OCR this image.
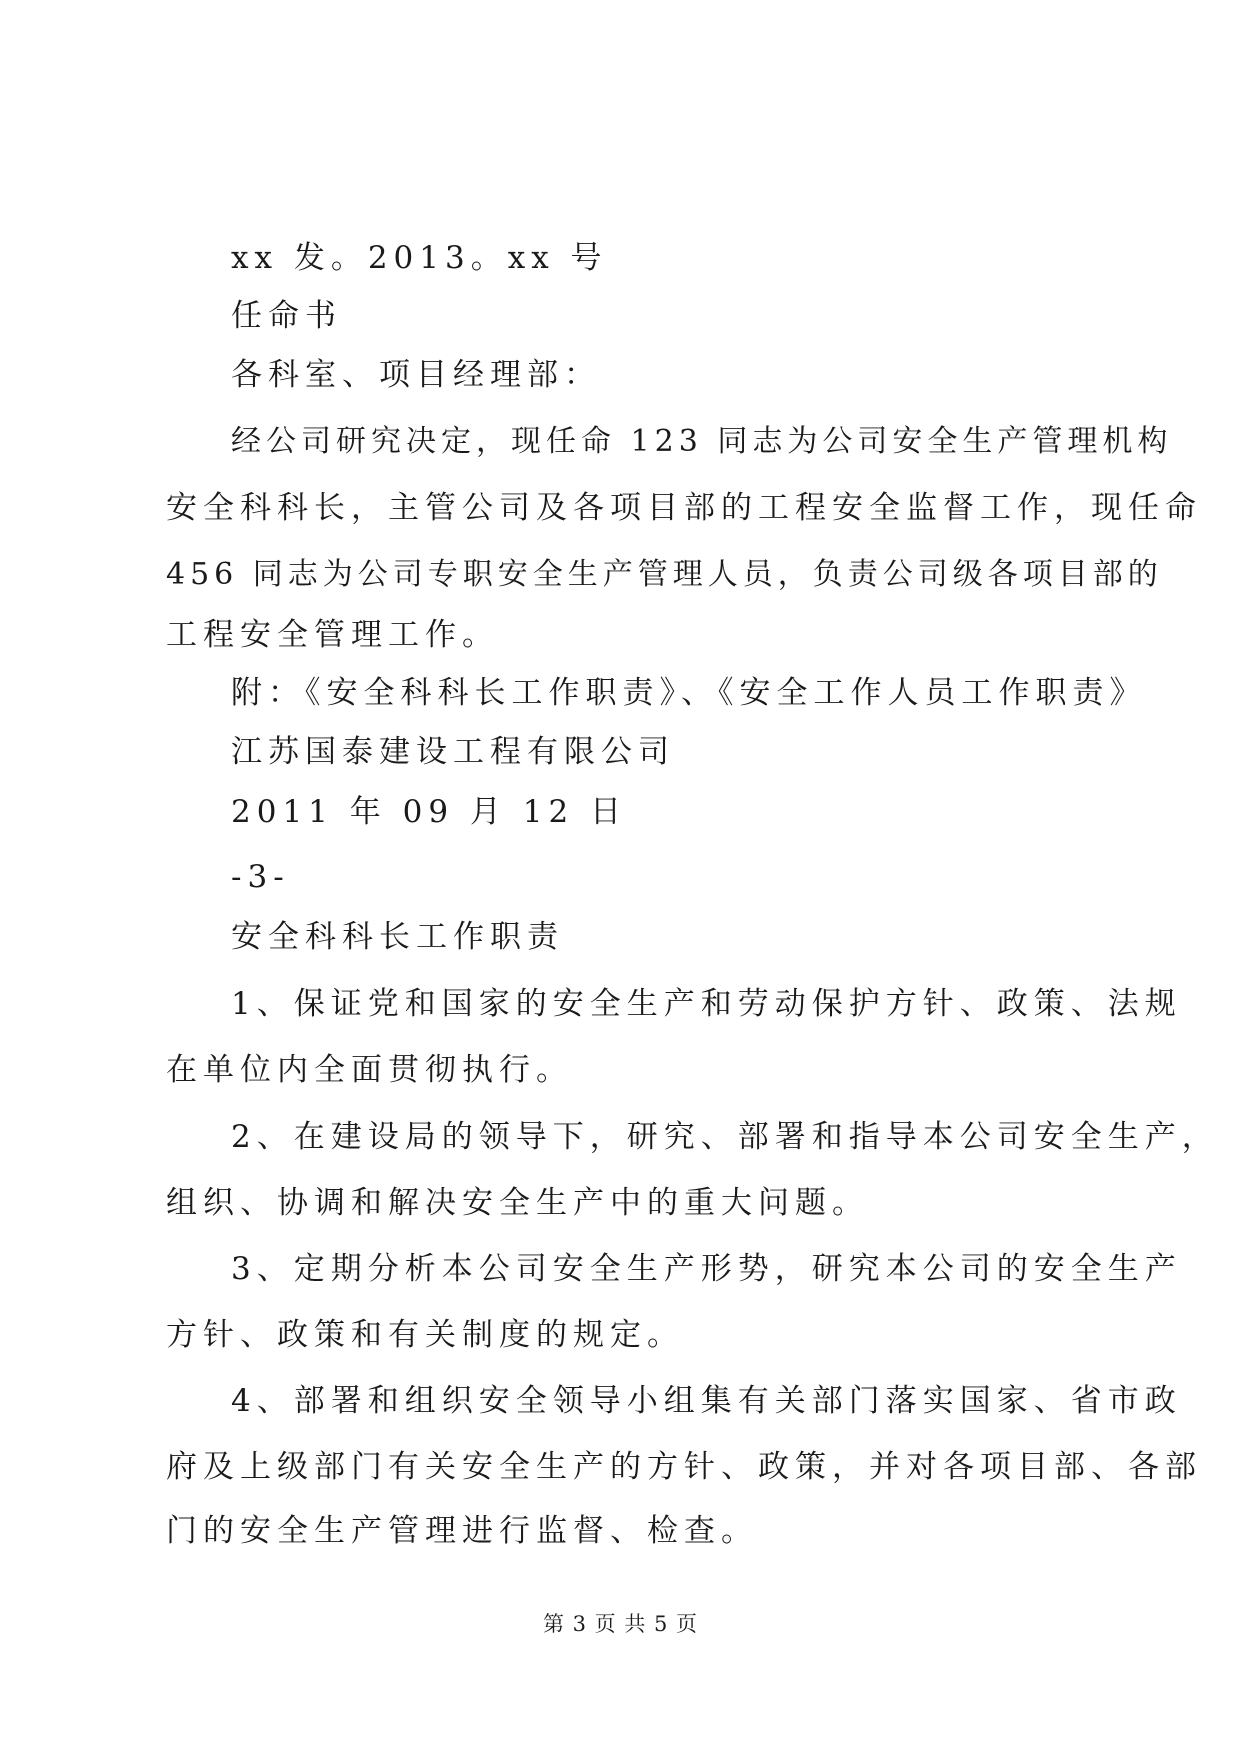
xx 发。2013。xx 号
任命书
各科室、项目经理部：
经公司研究决定，现任命 123 同志为公司安全生产管理机构
安全科科长，主管公司及各项目部的工程安全监督工作，现任命
456 同志为公司专职安全生产管理人员，负责公司级各项目部的
工程安全管理工作。
附：《安全科科长工作职责》、《安全工作人员工作职责》
江苏国泰建设工程有限公司
2011 年 09 月 12 日
-3-
安全科科长工作职责
1、保证党和国家的安全生产和劳动保护方针、政策、法规
在单位内全面贯彻执行。
2、在建设局的领导下，研究、部署和指导本公司安全生产，
组织、协调和解决安全生产中的重大问题。
3、定期分析本公司安全生产形势，研究本公司的安全生产
方针、政策和有关制度的规定。
4、部署和组织安全领导小组集有关部门落实国家、省市政
府及上级部门有关安全生产的方针、政策，并对各项目部、各部
门的安全生产管理进行监督、检查。
第 3 页 共 5 页
